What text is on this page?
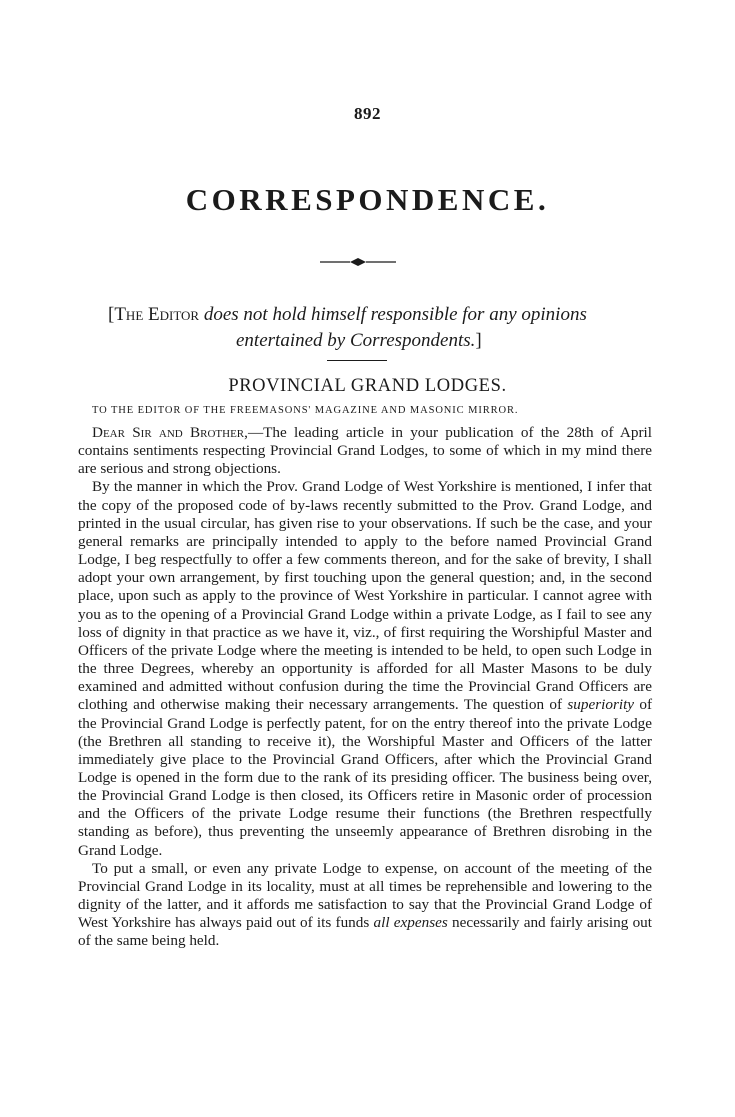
892
CORRESPONDENCE.
[The Editor does not hold himself responsible for any opinions
entertained by Correspondents.]
PROVINCIAL GRAND LODGES.
TO THE EDITOR OF THE FREEMASONS' MAGAZINE AND MASONIC MIRROR.

Dear Sir and Brother,—The leading article in your publication of the 28th of April contains sentiments respecting Provincial Grand Lodges, to some of which in my mind there are serious and strong objections.

By the manner in which the Prov. Grand Lodge of West Yorkshire is mentioned, I infer that the copy of the proposed code of by-laws recently submitted to the Prov. Grand Lodge, and printed in the usual circular, has given rise to your observations. If such be the case, and your general remarks are principally intended to apply to the before named Provincial Grand Lodge, I beg respectfully to offer a few comments thereon, and for the sake of brevity, I shall adopt your own arrangement, by first touching upon the general question; and, in the second place, upon such as apply to the province of West Yorkshire in particular. I cannot agree with you as to the opening of a Provincial Grand Lodge within a private Lodge, as I fail to see any loss of dignity in that practice as we have it, viz., of first requiring the Worshipful Master and Officers of the private Lodge where the meeting is intended to be held, to open such Lodge in the three Degrees, whereby an opportunity is afforded for all Master Masons to be duly examined and admitted without confusion during the time the Provincial Grand Officers are clothing and otherwise making their necessary arrangements. The question of superiority of the Provincial Grand Lodge is perfectly patent, for on the entry thereof into the private Lodge (the Brethren all standing to receive it), the Worshipful Master and Officers of the latter immediately give place to the Provincial Grand Officers, after which the Provincial Grand Lodge is opened in the form due to the rank of its presiding officer. The business being over, the Provincial Grand Lodge is then closed, its Officers retire in Masonic order of procession and the Officers of the private Lodge resume their functions (the Brethren respectfully standing as before), thus preventing the unseemly appearance of Brethren disrobing in the Grand Lodge.

To put a small, or even any private Lodge to expense, on account of the meeting of the Provincial Grand Lodge in its locality, must at all times be reprehensible and lowering to the dignity of the latter, and it affords me satisfaction to say that the Provincial Grand Lodge of West Yorkshire has always paid out of its funds all expenses necessarily and fairly arising out of the same being held.
